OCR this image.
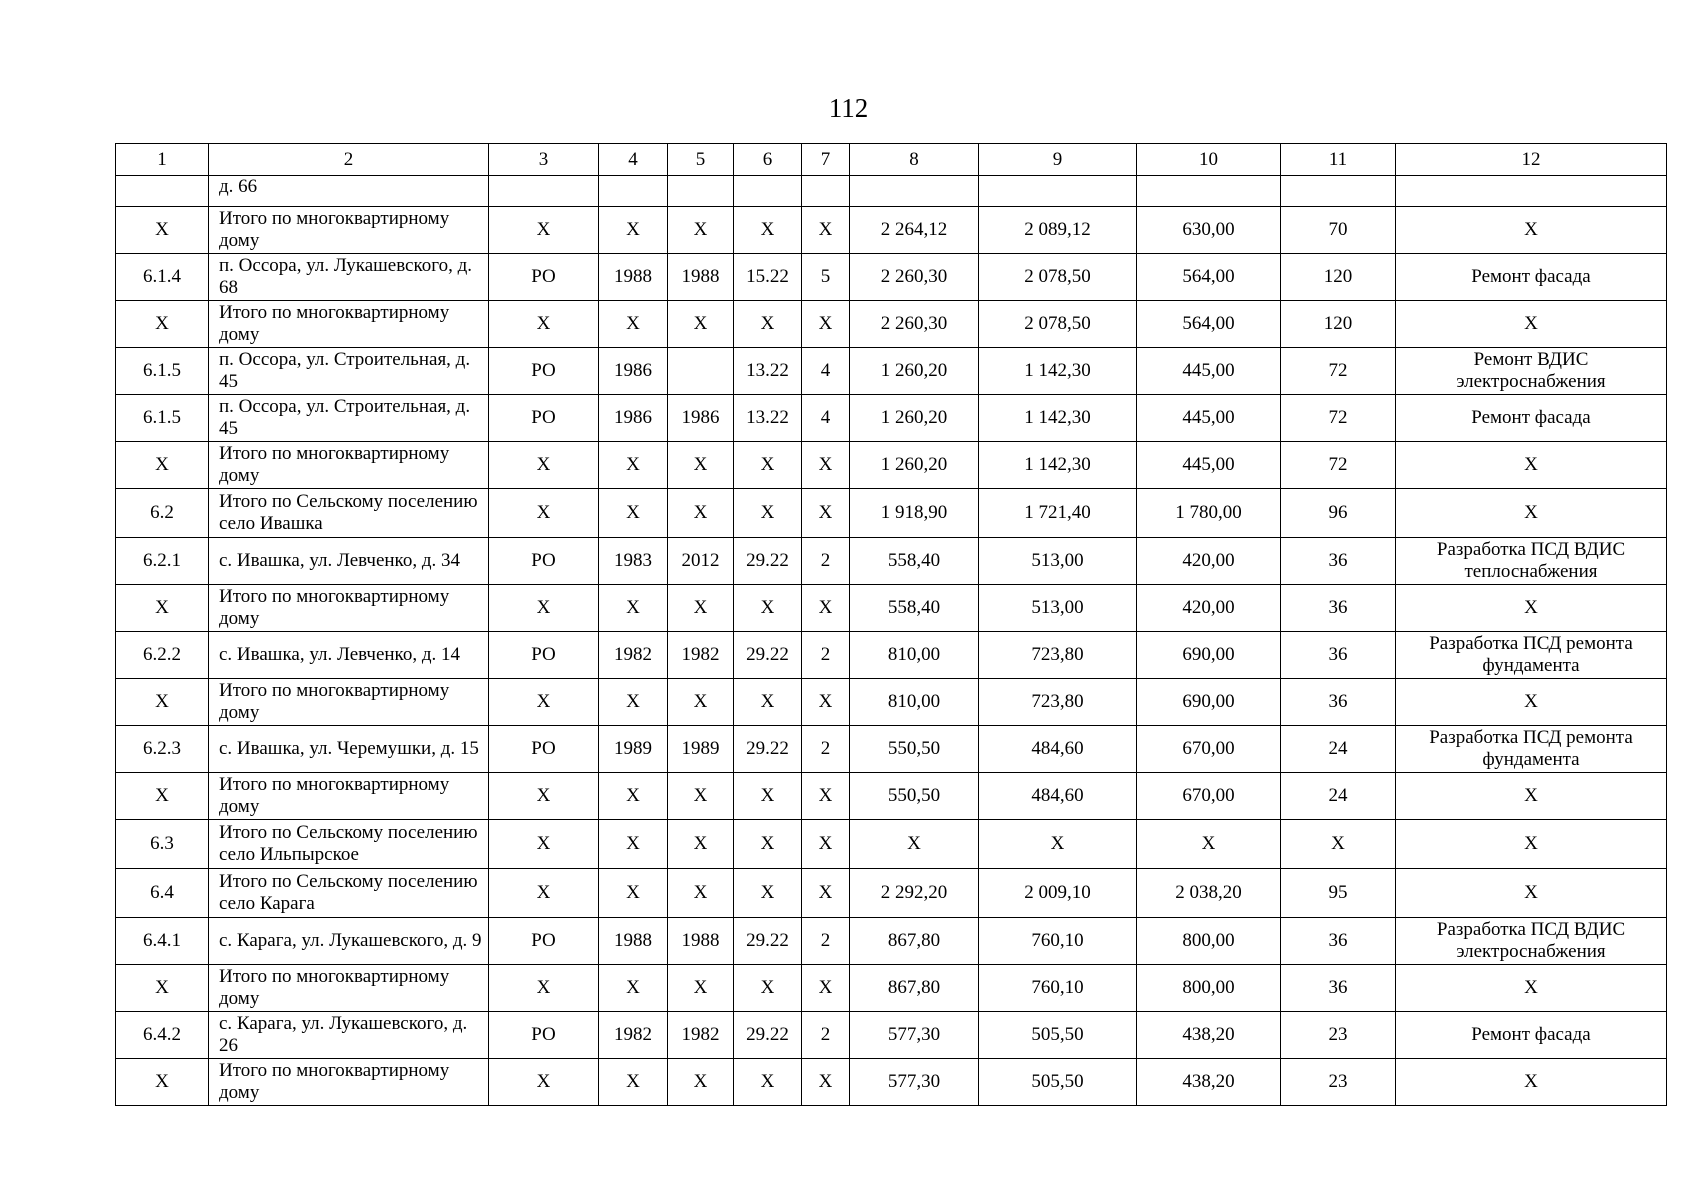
112
1	2	3	4	5	6	7	8	9	10	11	12
	д. 66										
X	Итого по многоквартирному дому	X	X	X	X	X	2 264,12	2 089,12	630,00	70	X
6.1.4	п. Оссора, ул. Лукашевского, д. 68	РО	1988	1988	15.22	5	2 260,30	2 078,50	564,00	120	Ремонт фасада
X	Итого по многоквартирному дому	X	X	X	X	X	2 260,30	2 078,50	564,00	120	X
6.1.5	п. Оссора, ул. Строительная, д. 45	РО	1986		13.22	4	1 260,20	1 142,30	445,00	72	Ремонт ВДИС электроснабжения
6.1.5	п. Оссора, ул. Строительная, д. 45	РО	1986	1986	13.22	4	1 260,20	1 142,30	445,00	72	Ремонт фасада
X	Итого по многоквартирному дому	X	X	X	X	X	1 260,20	1 142,30	445,00	72	X
6.2	Итого по Сельскому поселению село Ивашка	X	X	X	X	X	1 918,90	1 721,40	1 780,00	96	X
6.2.1	с. Ивашка, ул. Левченко, д. 34	РО	1983	2012	29.22	2	558,40	513,00	420,00	36	Разработка ПСД ВДИС теплоснабжения
X	Итого по многоквартирному дому	X	X	X	X	X	558,40	513,00	420,00	36	X
6.2.2	с. Ивашка, ул. Левченко, д. 14	РО	1982	1982	29.22	2	810,00	723,80	690,00	36	Разработка ПСД ремонта фундамента
X	Итого по многоквартирному дому	X	X	X	X	X	810,00	723,80	690,00	36	X
6.2.3	с. Ивашка, ул. Черемушки, д. 15	РО	1989	1989	29.22	2	550,50	484,60	670,00	24	Разработка ПСД ремонта фундамента
X	Итого по многоквартирному дому	X	X	X	X	X	550,50	484,60	670,00	24	X
6.3	Итого по Сельскому поселению село Ильпырское	X	X	X	X	X	X	X	X	X	X
6.4	Итого по Сельскому поселению село Карага	X	X	X	X	X	2 292,20	2 009,10	2 038,20	95	X
6.4.1	с. Карага, ул. Лукашевского, д. 9	РО	1988	1988	29.22	2	867,80	760,10	800,00	36	Разработка ПСД ВДИС электроснабжения
X	Итого по многоквартирному дому	X	X	X	X	X	867,80	760,10	800,00	36	X
6.4.2	с. Карага, ул. Лукашевского, д. 26	РО	1982	1982	29.22	2	577,30	505,50	438,20	23	Ремонт фасада
X	Итого по многоквартирному дому	X	X	X	X	X	577,30	505,50	438,20	23	X
